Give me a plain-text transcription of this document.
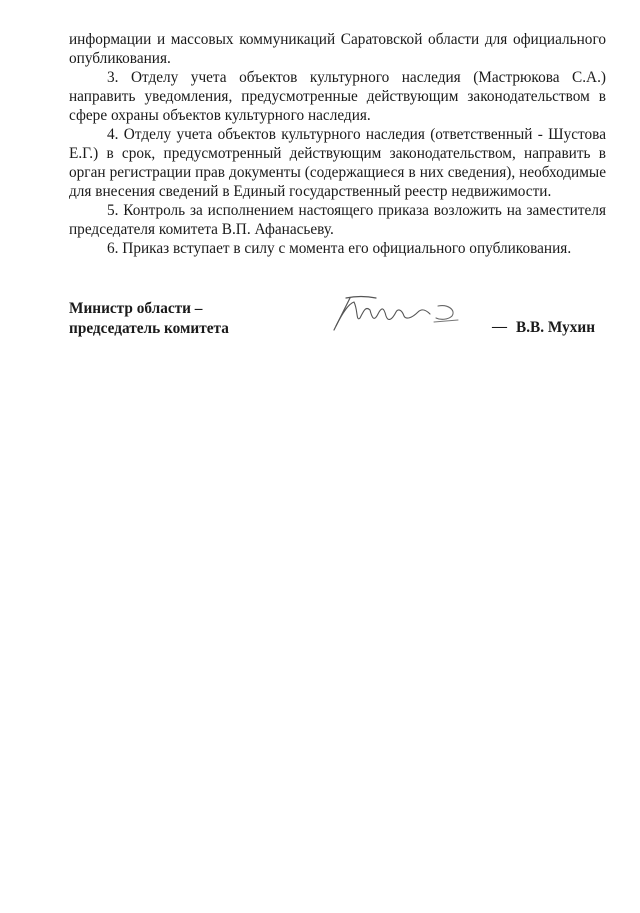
информации и массовых коммуникаций Саратовской области для официального опубликования.

3. Отделу учета объектов культурного наследия (Мастрюкова С.А.) направить уведомления, предусмотренные действующим законодательством в сфере охраны объектов культурного наследия.

4. Отделу учета объектов культурного наследия (ответственный - Шустова Е.Г.) в срок, предусмотренный действующим законодательством, направить в орган регистрации прав документы (содержащиеся в них сведения), необходимые для внесения сведений в Единый государственный реестр недвижимости.

5. Контроль за исполнением настоящего приказа возложить на заместителя председателя комитета В.П. Афанасьеву.

6. Приказ вступает в силу с момента его официального опубликования.

Министр области –
председатель комитета	— В.В. Мухин
